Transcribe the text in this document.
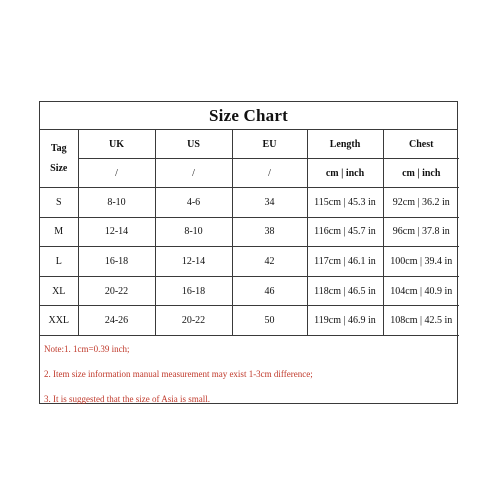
Size Chart
Tag
Size	UK	US	EU	Length	Chest
	/	/	/	cm | inch	cm | inch
S	8-10	4-6	34	115cm | 45.3 in	92cm | 36.2 in
M	12-14	8-10	38	116cm | 45.7 in	96cm | 37.8 in
L	16-18	12-14	42	117cm | 46.1 in	100cm | 39.4 in
XL	20-22	16-18	46	118cm | 46.5 in	104cm | 40.9 in
XXL	24-26	20-22	50	119cm | 46.9 in	108cm | 42.5 in
Note:1. 1cm=0.39 inch;
2. Item size information manual measurement may exist 1-3cm difference;
3. It is suggested that the size of Asia is small.
